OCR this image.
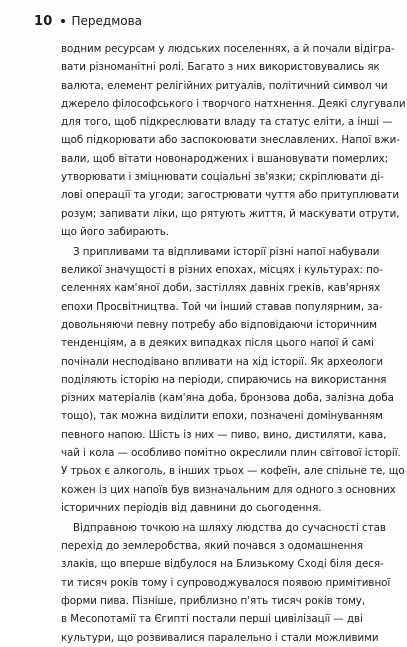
10 Передмова
водним ресурсам у людських поселеннях, а й почали відігра-
вати різноманітні ролі. Багато з них використовувались як
валюта, елемент релігійних ритуалів, політичний символ чи
джерело філософського і творчого натхнення. Деякі слугували
для того, щоб підкреслювати владу та статус еліти, а інші —
щоб підкорювати або заспокоювати знеславлених. Напої вжи-
вали, щоб вітати новонароджених і вшановувати померлих;
утворювати і зміцнювати соціальні зв'язки; скріплювати ді-
лові операції та угоди; загострювати чуття або притуплювати
розум; запивати ліки, що рятують життя, й маскувати отрути,
що його забирають.
З припливами та відпливами історії різні напої набували
великої значущості в різних епохах, місцях і культурах: по-
селеннях кам'яної доби, застіллях давніх греків, кав'ярнях
епохи Просвітництва. Той чи інший ставав популярним, за-
довольняючи певну потребу або відповідаючи історичним
тенденціям, а в деяких випадках після цього напої й самі
почінали несподівано впливати на хід історії. Як археологи
поділяють історію на періоди, спираючись на використання
різних матеріалів (кам'яна доба, бронзова доба, залізна доба
тощо), так можна виділити епохи, позначені домінуванням
певного напою. Шість із них — пиво, вино, дистиляти, кава,
чай і кола — особливо помітно окреслили плин світової історії.
У трьох є алкоголь, в інших трьох — кофеїн, але спільне те, що
кожен із цих напоїв був визначальним для одного з основних
історичних періодів від давнини до сьогодення.
Відправною точкою на шляху людства до сучасності став
перехід до землеробства, який почався з одомашнення
злаків, що вперше відбулося на Близькому Сході біля деся-
ти тисяч років тому і супроводжувалося появою примітивної
форми пива. Пізніше, приблизно п'ять тисяч років тому,
в Месопотамії та Єгипті постали перші цивілізації — дві
культури, що розвивалися паралельно і стали можливими
